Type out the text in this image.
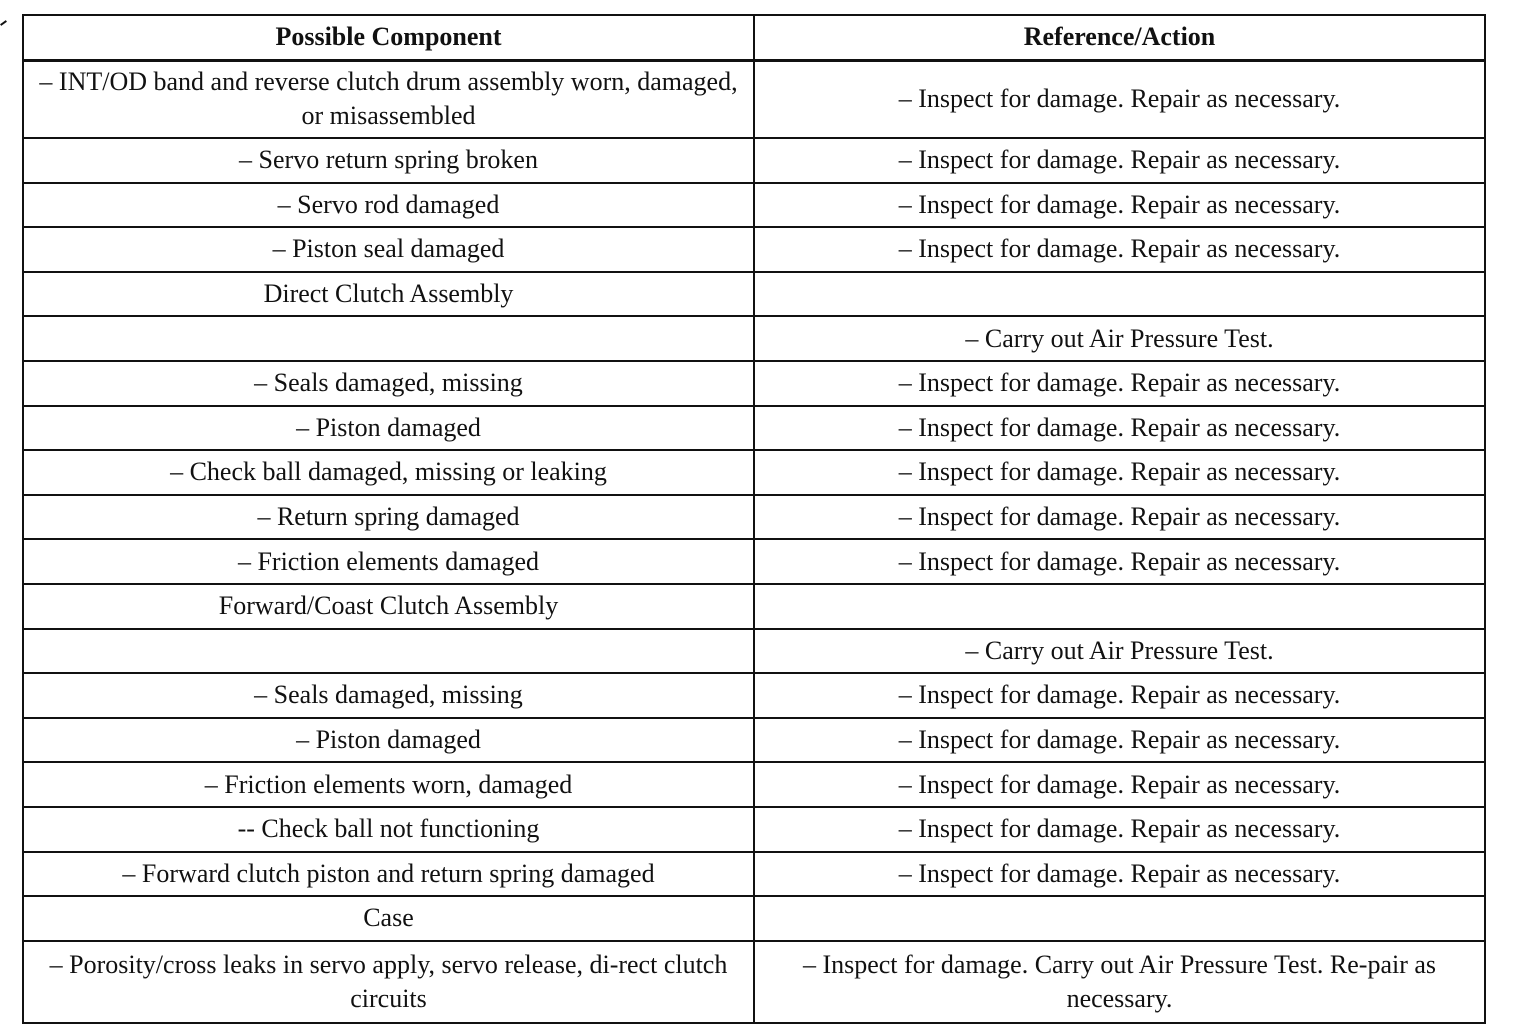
Possible Component	Reference/Action
– INT/OD band and reverse clutch drum assembly worn, damaged, or misassembled	– Inspect for damage. Repair as necessary.
– Servo return spring broken	– Inspect for damage. Repair as necessary.
– Servo rod damaged	– Inspect for damage. Repair as necessary.
– Piston seal damaged	– Inspect for damage. Repair as necessary.
Direct Clutch Assembly	
	– Carry out Air Pressure Test.
– Seals damaged, missing	– Inspect for damage. Repair as necessary.
– Piston damaged	– Inspect for damage. Repair as necessary.
– Check ball damaged, missing or leaking	– Inspect for damage. Repair as necessary.
– Return spring damaged	– Inspect for damage. Repair as necessary.
– Friction elements damaged	– Inspect for damage. Repair as necessary.
Forward/Coast Clutch Assembly	
	– Carry out Air Pressure Test.
– Seals damaged, missing	– Inspect for damage. Repair as necessary.
– Piston damaged	– Inspect for damage. Repair as necessary.
– Friction elements worn, damaged	– Inspect for damage. Repair as necessary.
-- Check ball not functioning	– Inspect for damage. Repair as necessary.
– Forward clutch piston and return spring damaged	– Inspect for damage. Repair as necessary.
Case	
– Porosity/cross leaks in servo apply, servo release, di-rect clutch circuits	– Inspect for damage. Carry out Air Pressure Test. Re-pair as necessary.
